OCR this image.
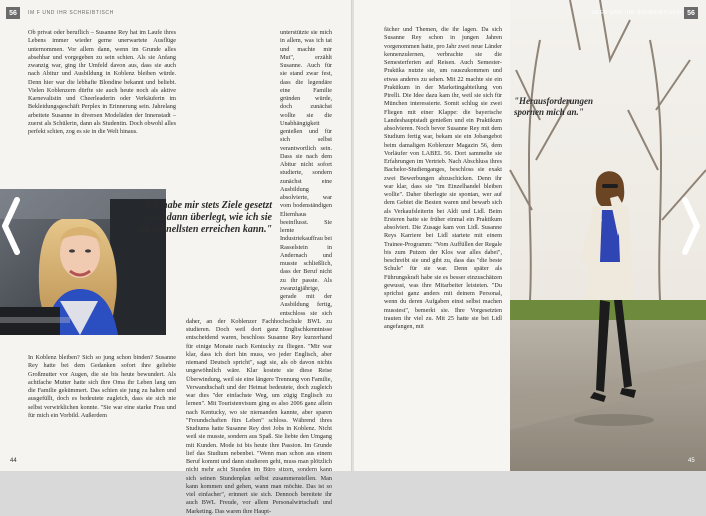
56	IM F UND IHR SCHREIBTISCH

Ob privat oder beruflich – Susanne Rey hat im Laufe ihres Lebens immer wieder gerne unerwartete Ausflüge unternommen. Vor allem dann, wenn im Grunde alles absehbar und vorgegeben zu sein schien. Als sie Anfang zwanzig war, ging ihr Umfeld davon aus, dass sie auch nach Abitur und Ausbildung in Koblenz bleiben würde. Denn hier war die lebhafte Blondine bekannt und beliebt. Vielen Koblenzern dürfte sie auch heute noch als aktive Karnevalistin und Cheerleaderin oder Verkäuferin im Bekleidungsgeschäft Perplex in Erinnerung sein. Jahrelang arbeitete Susanne in diversen Modeläden der Innenstadt – zuerst als Schülerin, dann als Studentin. Doch obwohl alles perfekt schien, zog es sie in die Welt hinaus.

"Ich habe mir stets Ziele gesetzt und dann überlegt, wie ich sie am schnellsten erreichen kann."

In Koblenz bleiben? Sich so jung schon binden? Susanne Rey hatte bei dem Gedanken sofort ihre geliebte Großmutter vor Augen, die sie bis heute bewundert. Als achtfache Mutter hatte sich ihre Oma ihr Leben lang um die Familie gekümmert. Das schien sie jung zu halten und ausgefüllt, doch es bedeutete zugleich, dass sie sich nie selbst verwirklichen konnte. "Sie war eine starke Frau und für mich ein Vorbild. Außerdem

unterstützte sie mich in allem, was ich tat und machte mir Mut", erzählt Susanne. Auch für sie stand zwar fest, dass die legendäre eine Familie gründen würde, doch zunächst wollte sie die Unabhängigkeit genießen und für sich selbst verantwortlich sein. Dass sie nach dem Abitur nicht sofort studierte, sondern zunächst eine Ausbildung absolvierte, war vom bodenständigen Elternhaus beeinflusst. Sie lernte Industriekauffrau bei Rasselstein in Andernach und musste schließlich, dass der Beruf nicht zu ihr passte. Als zwanzigjährige, gerade mit der Ausbildung fertig, entschloss sie sich daher, an der Koblenzer Fachhochschule BWL zu studieren. Doch weil dort ganz Englischkenntnisse entscheidend waren, beschloss Susanne Rey kurzerhand für einige Monate nach Kentucky zu fliegen. "Mir war klar, dass ich dort hin muss, wo jeder Englisch, aber niemand Deutsch spricht", sagt sie, als ob davon nichts ungewöhnlich wäre. Klar kostete sie diese Reise Überwindung, weil sie eine längere Trennung von Familie, Verwandtschaft und der Heimat bedeutete, doch zugleich war dies "der einfachste Weg, um zügig Englisch zu lernen". Mit Touristenvisum ging es also 2006 ganz allein nach Kentucky, wo sie niemanden kannte, aber sparen "Freundschaften fürs Leben" schloss. Während ihres Studiums hatte Susanne Rey drei Jobs in Koblenz. Nicht weil sie musste, sondern aus Spaß. Sie liebte den Umgang mit Kunden. Mode ist bis heute ihre Passion. Im Grunde lief das Studium nebenbei. "Wenn man schon aus einem Beruf kommt und dann studieren geht, muss man plötzlich nicht mehr acht Stunden im Büro sitzen, sondern kann sich seinen Stundenplan selbst zusammenstellen. Man kann kommen und gehen, wann man möchte. Das ist so viel einfacher", erinnert sie sich. Dennoch bereitete ihr auch BWL Freude, vor allem Personalwirtschaft und Marketing. Das waren ihre Haupt-

44

fächer und Themen, die ihr lagen. Da sich Susanne Rey schon in jungen Jahren vorgenommen hatte, pro Jahr zwei neue Länder kennenzulernen, verbrachte sie die Semesterferien auf Reisen. Auch Semester-Praktika nutzte sie, um rauszukommen und etwas anderes zu sehen. Mit 22 machte sie ein Praktikum in der Marketingabteilung von Pirelli. Die Idee dazu kam ihr, weil sie sich für München interessierte. Somit schlug sie zwei Fliegen mit einer Klappe: die bayerische Landeshauptstadt genießen und ein Praktikum absolvieren. Noch bevor Susanne Rey mit dem Studium fertig war, bekam sie ein Jobangebot beim damaligen Koblenzer Magazin 56, dem Vorläufer von LABEL 56. Dort sammelte sie Erfahrungen im Vertrieb. Nach Abschluss ihres Bachelor-Studienganges, beschloss sie exakt zwei Bewerbungen abzuschicken. Denn ihr war klar, dass sie "im Einzelhandel bleiben wollte". Daher überlegte sie spontan, wer auf dem Gebiet die Besten waren und bewarb sich als Verkaufsleiterin bei Aldi und Lidl. Beim Ersteren hatte sie früher einmal ein Praktikum absolviert. Die Zusage kam von Lidl. Susanne Reys Karriere bei Lidl startete mit einem Trainee-Programm: "Vom Auffüllen der Regale bis zum Putzen der Klos war alles dabei", beschreibt sie und gibt zu, dass das "die beste Schule" für sie war. Denn später als Führungskraft habe sie es besser einzuschätzen gewusst, was ihre Mitarbeiter leisteten. "Du sprichst ganz anders mit deinem Personal, wenn du deren Aufgaben einst selbst machen musstest", bemerkt sie. Ihre Vorgesetzten trauten ihr viel zu. Mit 25 hatte sie bei Lidl angefangen, mit

SEER UND IHR SCHREIBTISCH 56
"Herausforderungen spornen mich an."
45
